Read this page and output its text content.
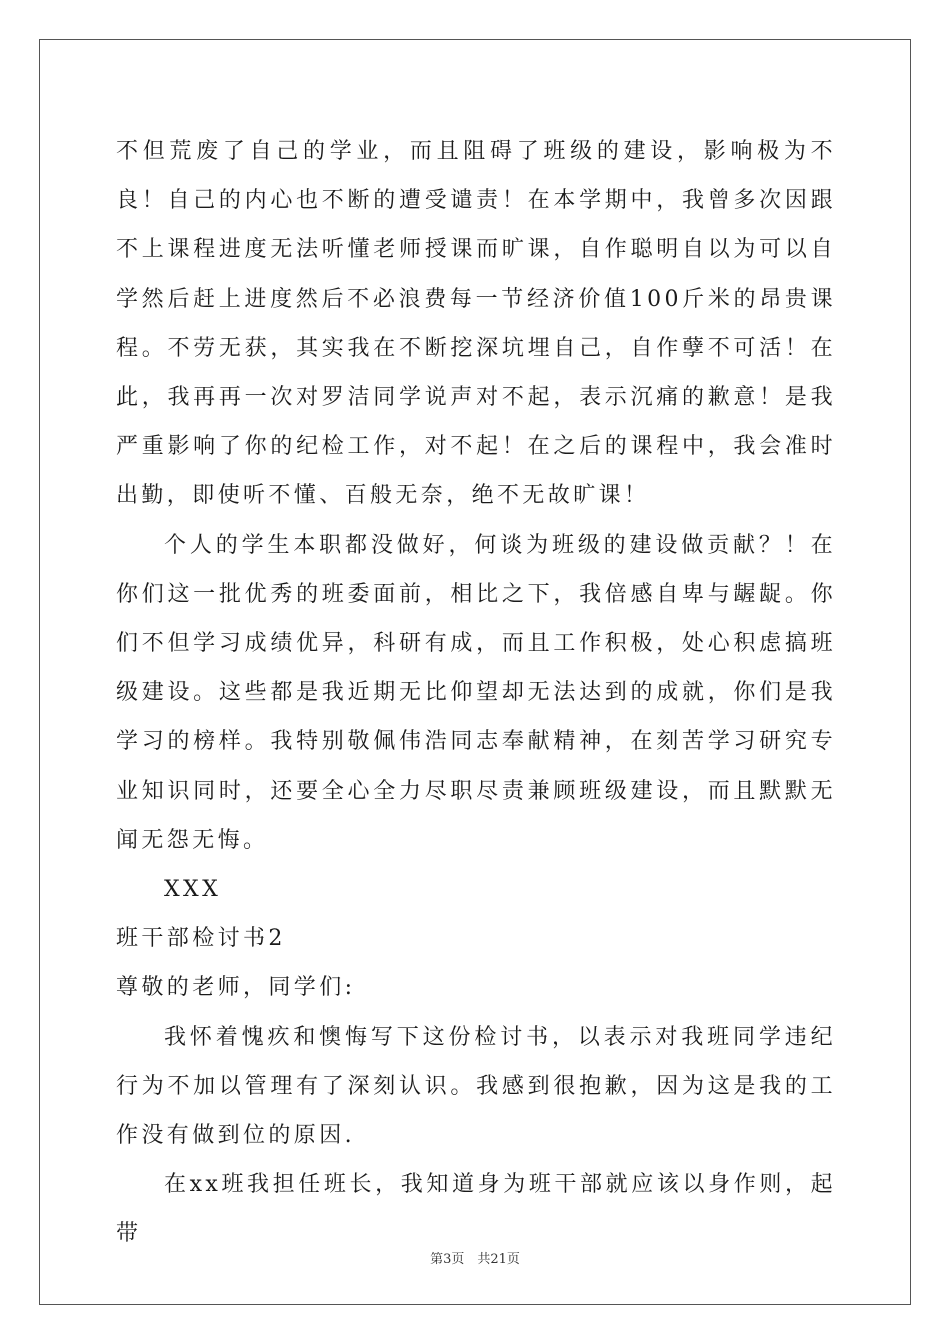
不但荒废了自己的学业，而且阻碍了班级的建设，影响极为不良！自己的内心也不断的遭受谴责！在本学期中，我曾多次因跟不上课程进度无法听懂老师授课而旷课，自作聪明自以为可以自学然后赶上进度然后不必浪费每一节经济价值100斤米的昂贵课程。不劳无获，其实我在不断挖深坑埋自己，自作孽不可活！在此，我再再一次对罗洁同学说声对不起，表示沉痛的歉意！是我严重影响了你的纪检工作，对不起！在之后的课程中，我会准时出勤，即使听不懂、百般无奈，绝不无故旷课！

个人的学生本职都没做好，何谈为班级的建设做贡献？！在你们这一批优秀的班委面前，相比之下，我倍感自卑与龌龊。你们不但学习成绩优异，科研有成，而且工作积极，处心积虑搞班级建设。这些都是我近期无比仰望却无法达到的成就，你们是我学习的榜样。我特别敬佩伟浩同志奉献精神，在刻苦学习研究专业知识同时，还要全心全力尽职尽责兼顾班级建设，而且默默无闻无怨无悔。

XXX

班干部检讨书2

尊敬的老师，同学们:

我怀着愧疚和懊悔写下这份检讨书，以表示对我班同学违纪行为不加以管理有了深刻认识。我感到很抱歉，因为这是我的工作没有做到位的原因.

在xx班我担任班长，我知道身为班干部就应该以身作则，起带

第3页　共21页
